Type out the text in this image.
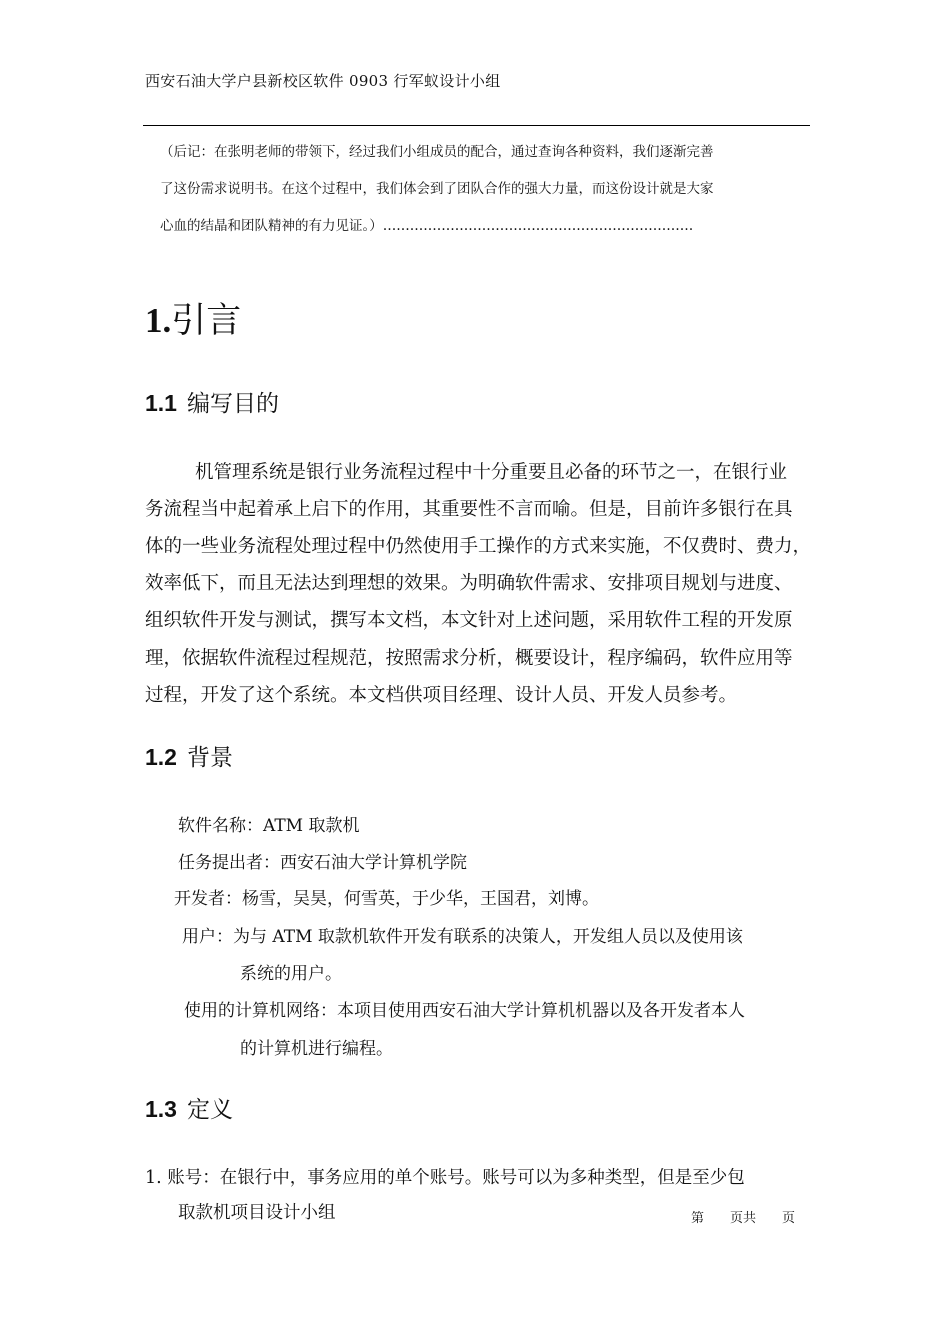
西安石油大学户县新校区软件 0903 行军蚁设计小组
（后记：在张明老师的带领下，经过我们小组成员的配合，通过查询各种资料，我们逐渐完善
了这份需求说明书。在这个过程中，我们体会到了团队合作的强大力量，而这份设计就是大家
心血的结晶和团队精神的有力见证。）……………………………………………………………
1.引言
1.1 编写目的
机管理系统是银行业务流程过程中十分重要且必备的环节之一，在银行业
务流程当中起着承上启下的作用，其重要性不言而喻。但是，目前许多银行在具
体的一些业务流程处理过程中仍然使用手工操作的方式来实施，不仅费时、费力，
效率低下，而且无法达到理想的效果。为明确软件需求、安排项目规划与进度、
组织软件开发与测试，撰写本文档，本文针对上述问题，采用软件工程的开发原
理，依据软件流程过程规范，按照需求分析，概要设计，程序编码，软件应用等
过程，开发了这个系统。本文档供项目经理、设计人员、开发人员参考。
1.2 背景
软件名称：ATM 取款机
任务提出者：西安石油大学计算机学院
开发者：杨雪，吴昊，何雪英，于少华，王国君，刘博。
用户：为与 ATM 取款机软件开发有联系的决策人，开发组人员以及使用该
系统的用户。
使用的计算机网络：本项目使用西安石油大学计算机机器以及各开发者本人
的计算机进行编程。
1.3 定义
1. 账号：在银行中，事务应用的单个账号。账号可以为多种类型，但是至少包
取款机项目设计小组	第 页共 页
